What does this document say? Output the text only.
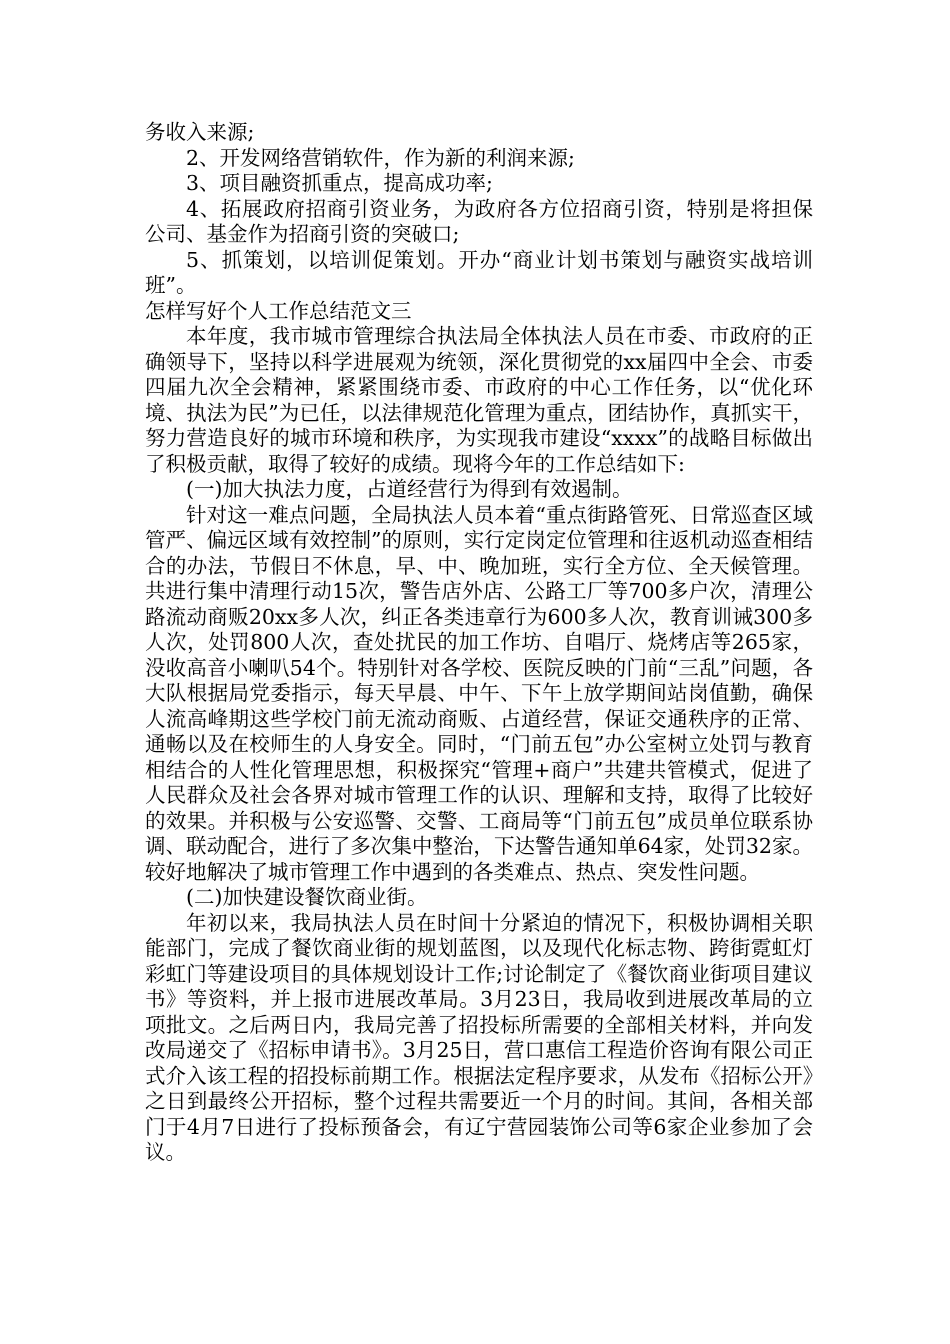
务收入来源;

2、开发网络营销软件，作为新的利润来源;

3、项目融资抓重点，提高成功率;

4、拓展政府招商引资业务，为政府各方位招商引资，特别是将担保公司、基金作为招商引资的突破口;

5、抓策划，以培训促策划。开办“商业计划书策划与融资实战培训班”。

怎样写好个人工作总结范文三

本年度，我市城市管理综合执法局全体执法人员在市委、市政府的正确领导下，坚持以科学进展观为统领，深化贯彻党的xx届四中全会、市委四届九次全会精神，紧紧围绕市委、市政府的中心工作任务，以“优化环境、执法为民”为已任，以法律规范化管理为重点，团结协作，真抓实干，努力营造良好的城市环境和秩序，为实现我市建设“xxxx”的战略目标做出了积极贡献，取得了较好的成绩。现将今年的工作总结如下:

(一)加大执法力度，占道经营行为得到有效遏制。

针对这一难点问题，全局执法人员本着“重点街路管死、日常巡查区域管严、偏远区域有效控制”的原则，实行定岗定位管理和往返机动巡查相结合的办法，节假日不休息，早、中、晚加班，实行全方位、全天候管理。共进行集中清理行动15次，警告店外店、公路工厂等700多户次，清理公路流动商贩20xx多人次，纠正各类违章行为600多人次，教育训诫300多人次，处罚800人次，查处扰民的加工作坊、自唱厅、烧烤店等265家，没收高音小喇叭54个。特别针对各学校、医院反映的门前“三乱”问题，各大队根据局党委指示，每天早晨、中午、下午上放学期间站岗值勤，确保人流高峰期这些学校门前无流动商贩、占道经营，保证交通秩序的正常、通畅以及在校师生的人身安全。同时，“门前五包”办公室树立处罚与教育相结合的人性化管理思想，积极探究“管理+商户”共建共管模式，促进了人民群众及社会各界对城市管理工作的认识、理解和支持，取得了比较好的效果。并积极与公安巡警、交警、工商局等“门前五包”成员单位联系协调、联动配合，进行了多次集中整治，下达警告通知单64家，处罚32家。较好地解决了城市管理工作中遇到的各类难点、热点、突发性问题。

(二)加快建设餐饮商业街。

年初以来，我局执法人员在时间十分紧迫的情况下，积极协调相关职能部门，完成了餐饮商业街的规划蓝图，以及现代化标志物、跨街霓虹灯彩虹门等建设项目的具体规划设计工作;讨论制定了《餐饮商业街项目建议书》等资料，并上报市进展改革局。3月23日，我局收到进展改革局的立项批文。之后两日内，我局完善了招投标所需要的全部相关材料，并向发改局递交了《招标申请书》。3月25日，营口惠信工程造价咨询有限公司正式介入该工程的招投标前期工作。根据法定程序要求，从发布《招标公开》之日到最终公开招标，整个过程共需要近一个月的时间。其间，各相关部门于4月7日进行了投标预备会，有辽宁营园装饰公司等6家企业参加了会议。
